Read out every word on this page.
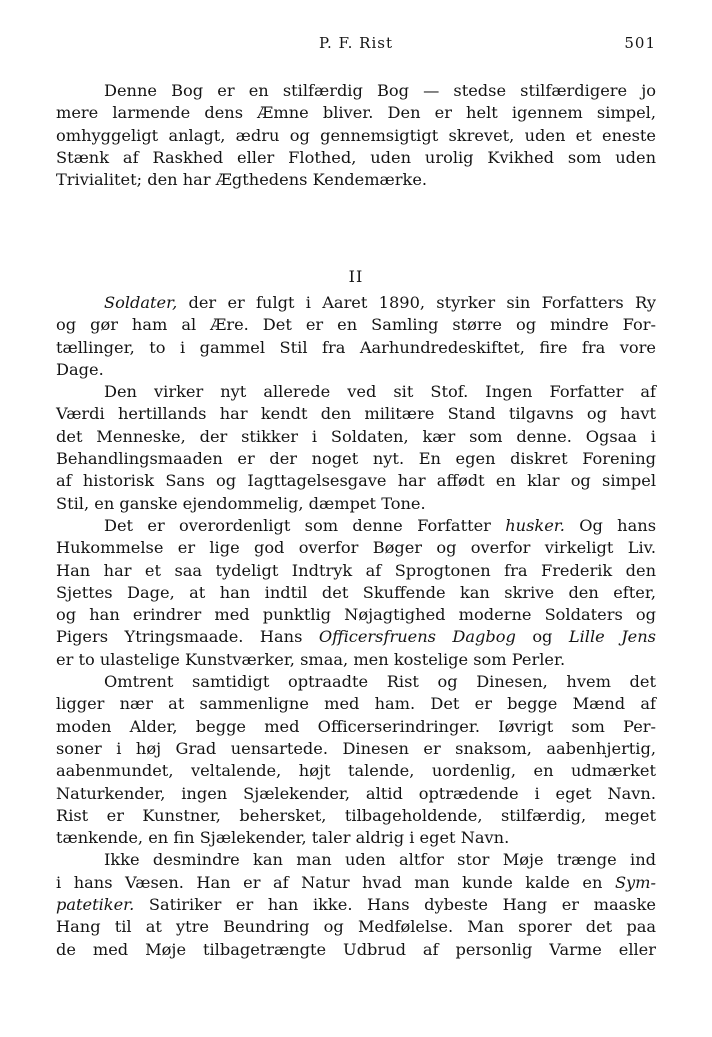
P. F. Rist	501
Denne Bog er en stilfærdig Bog — stedse stilfærdigere jo
mere larmende dens Æmne bliver. Den er helt igennem simpel,
omhyggeligt anlagt, ædru og gennemsigtigt skrevet, uden et eneste
Stænk af Raskhed eller Flothed, uden urolig Kvikhed som uden
Trivialitet; den har Ægthedens Kendemærke.
II
Soldater, der er fulgt i Aaret 1890, styrker sin Forfatters Ry
og gør ham al Ære. Det er en Samling større og mindre For-
tællinger, to i gammel Stil fra Aarhundredeskiftet, fire fra vore
Dage.
Den virker nyt allerede ved sit Stof. Ingen Forfatter af
Værdi hertillands har kendt den militære Stand tilgavns og havt
det Menneske, der stikker i Soldaten, kær som denne. Ogsaa i
Behandlingsmaaden er der noget nyt. En egen diskret Forening
af historisk Sans og Iagttagelsesgave har affødt en klar og simpel
Stil, en ganske ejendommelig, dæmpet Tone.
Det er overordenligt som denne Forfatter husker. Og hans
Hukommelse er lige god overfor Bøger og overfor virkeligt Liv.
Han har et saa tydeligt Indtryk af Sprogtonen fra Frederik den
Sjettes Dage, at han indtil det Skuffende kan skrive den efter,
og han erindrer med punktlig Nøjagtighed moderne Soldaters og
Pigers Ytringsmaade. Hans Officersfruens Dagbog og Lille Jens
er to ulastelige Kunstværker, smaa, men kostelige som Perler.
Omtrent samtidigt optraadte Rist og Dinesen, hvem det
ligger nær at sammenligne med ham. Det er begge Mænd af
moden Alder, begge med Officerserindringer. Iøvrigt som Per-
soner i høj Grad uensartede. Dinesen er snaksom, aabenhjertig,
aabenmundet, veltalende, højt talende, uordenlig, en udmærket
Naturkender, ingen Sjælekender, altid optrædende i eget Navn.
Rist er Kunstner, behersket, tilbageholdende, stilfærdig, meget
tænkende, en fin Sjælekender, taler aldrig i eget Navn.
Ikke desmindre kan man uden altfor stor Møje trænge ind
i hans Væsen. Han er af Natur hvad man kunde kalde en Sym-
patetiker. Satiriker er han ikke. Hans dybeste Hang er maaske
Hang til at ytre Beundring og Medfølelse. Man sporer det paa
de med Møje tilbagetrængte Udbrud af personlig Varme eller
